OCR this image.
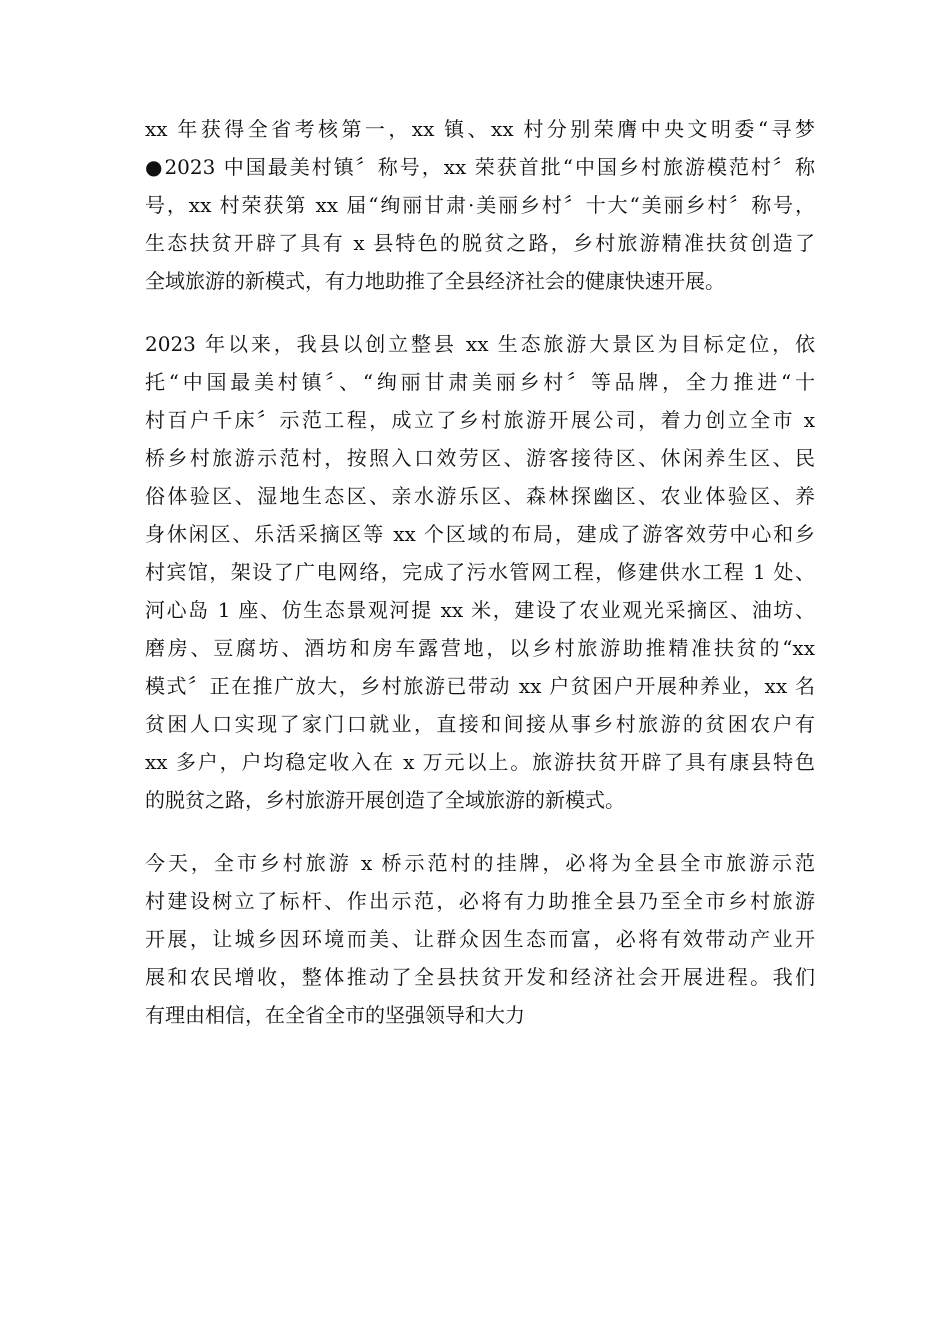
xx 年获得全省考核第一，xx 镇、xx 村分别荣膺中央文明委“寻梦
●2023 中国最美村镇〞称号，xx 荣获首批“中国乡村旅游模范村〞称
号，xx 村荣获第 xx 届“绚丽甘肃·美丽乡村〞十大“美丽乡村〞称号，
生态扶贫开辟了具有 x 县特色的脱贫之路，乡村旅游精准扶贫创造了
全域旅游的新模式，有力地助推了全县经济社会的健康快速开展。

2023 年以来，我县以创立整县 xx 生态旅游大景区为目标定位，依
托“中国最美村镇〞、“绚丽甘肃美丽乡村〞等品牌，全力推进“十
村百户千床〞示范工程，成立了乡村旅游开展公司，着力创立全市 x
桥乡村旅游示范村，按照入口效劳区、游客接待区、休闲养生区、民
俗体验区、湿地生态区、亲水游乐区、森林探幽区、农业体验区、养
身休闲区、乐活采摘区等 xx 个区域的布局，建成了游客效劳中心和乡
村宾馆，架设了广电网络，完成了污水管网工程，修建供水工程 1 处、
河心岛 1 座、仿生态景观河提 xx 米，建设了农业观光采摘区、油坊、
磨房、豆腐坊、酒坊和房车露营地，以乡村旅游助推精准扶贫的“xx
模式〞正在推广放大，乡村旅游已带动 xx 户贫困户开展种养业，xx 名
贫困人口实现了家门口就业，直接和间接从事乡村旅游的贫困农户有
xx 多户，户均稳定收入在 x 万元以上。旅游扶贫开辟了具有康县特色
的脱贫之路，乡村旅游开展创造了全域旅游的新模式。

今天，全市乡村旅游 x 桥示范村的挂牌，必将为全县全市旅游示范
村建设树立了标杆、作出示范，必将有力助推全县乃至全市乡村旅游
开展，让城乡因环境而美、让群众因生态而富，必将有效带动产业开
展和农民增收，整体推动了全县扶贫开发和经济社会开展进程。我们
有理由相信，在全省全市的坚强领导和大力
